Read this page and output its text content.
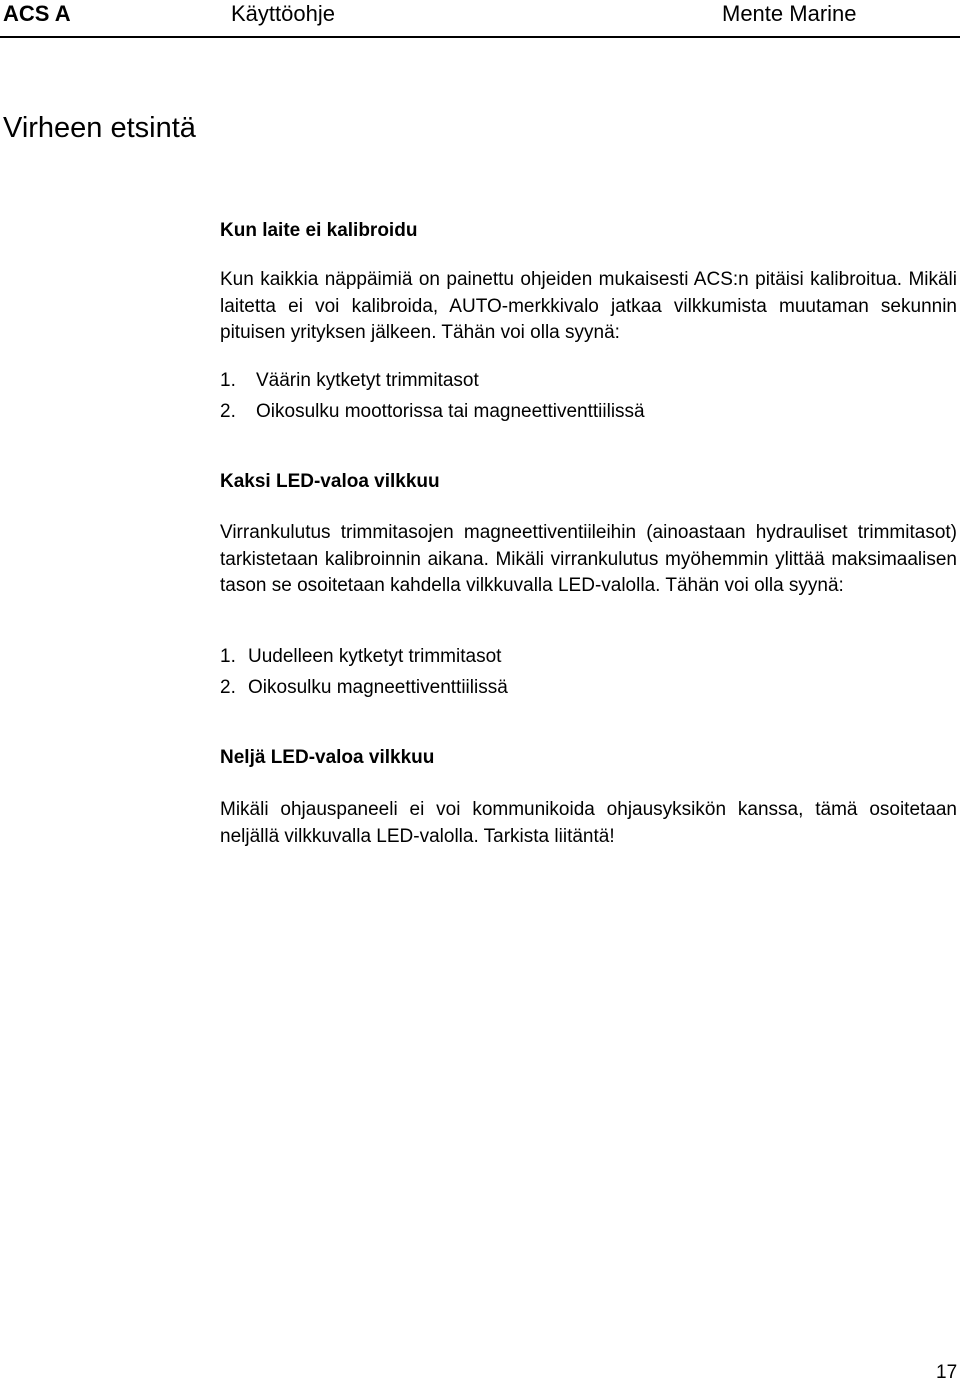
ACS A	Käyttöohje	Mente Marine
Virheen etsintä
Kun laite ei kalibroidu

Kun kaikkia näppäimiä on painettu ohjeiden mukaisesti ACS:n pitäisi kalibroitua. Mikäli laitetta ei voi kalibroida, AUTO-merkkivalo jatkaa vilkkumista muutaman sekunnin pituisen yrityksen jälkeen. Tähän voi olla syynä:

1. Väärin kytketyt trimmitasot
2. Oikosulku moottorissa tai magneettiventtiilissä
Kaksi LED-valoa vilkkuu

Virrankulutus trimmitasojen magneettiventiileihin (ainoastaan hydrauliset trimmitasot) tarkistetaan kalibroinnin aikana. Mikäli virrankulutus myöhemmin ylittää maksimaalisen tason se osoitetaan kahdella vilkkuvalla LED-valolla. Tähän voi olla syynä:

1. Uudelleen kytketyt trimmitasot
2. Oikosulku magneettiventtiilissä
Neljä LED-valoa vilkkuu

Mikäli ohjauspaneeli ei voi kommunikoida ohjausyksikön kanssa, tämä osoitetaan neljällä vilkkuvalla LED-valolla. Tarkista liitäntä!

17
